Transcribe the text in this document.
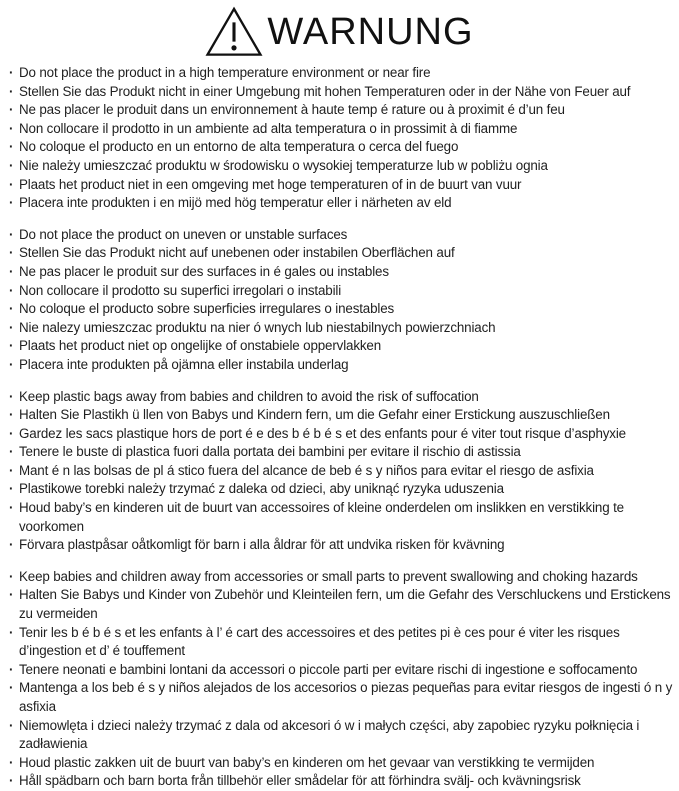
WARNUNG
· Do not place the product in a high temperature environment or near fire
· Stellen Sie das Produkt nicht in einer Umgebung mit hohen Temperaturen oder in der Nähe von Feuer auf
· Ne pas placer le produit dans un environnement à haute temp é rature ou à proximit é d’un feu
· Non collocare il prodotto in un ambiente ad alta temperatura o in prossimit à di fiamme
· No coloque el producto en un entorno de alta temperatura o cerca del fuego
· Nie należy umieszczać produktu w środowisku o wysokiej temperaturze lub w pobliżu ognia
· Plaats het product niet in een omgeving met hoge temperaturen of in de buurt van vuur
· Placera inte produkten i en mijö med hög temperatur eller i närheten av eld
· Do not place the product on uneven or unstable surfaces
· Stellen Sie das Produkt nicht auf unebenen oder instabilen Oberflächen auf
· Ne pas placer le produit sur des surfaces in é gales ou instables
· Non collocare il prodotto su superfici irregolari o instabili
· No coloque el producto sobre superficies irregulares o inestables
· Nie nalezy umieszczac produktu na nier ó wnych lub niestabilnych powierzchniach
· Plaats het product niet op ongelijke of onstabiele oppervlakken
· Placera inte produkten på ojämna eller instabila underlag
· Keep plastic bags away from babies and children to avoid the risk of suffocation
· Halten Sie Plastikh ü llen von Babys und Kindern fern, um die Gefahr einer Erstickung auszuschließen
· Gardez les sacs plastique hors de port é e des b é b é s et des enfants pour é viter tout risque d’asphyxie
· Tenere le buste di plastica fuori dalla portata dei bambini per evitare il rischio di astissia
· Mant é n las bolsas de pl á stico fuera del alcance de beb é s y niños para evitar el riesgo de asfixia
· Plastikowe torebki należy trzymać z daleka od dzieci, aby uniknąć ryzyka uduszenia
· Houd baby’s en kinderen uit de buurt van accessoires of kleine onderdelen om inslikken en verstikking te voorkomen
· Förvara plastpåsar oåtkomligt för barn i alla åldrar för att undvika risken för kvävning
· Keep babies and children away from accessories or small parts to prevent swallowing and choking hazards
· Halten Sie Babys und Kinder von Zubehör und Kleinteilen fern, um die Gefahr des Verschluckens und Erstickens zu vermeiden
· Tenir les b é b é s et les enfants à l’ é cart des accessoires et des petites pi è ces pour é viter les risques d’ingestion et d’ é touffement
· Tenere neonati e bambini lontani da accessori o piccole parti per evitare rischi di ingestione e soffocamento
· Mantenga a los beb é s y niños alejados de los accesorios o piezas pequeñas para evitar riesgos de ingesti ó n y asfixia
· Niemowlęta i dzieci należy trzymać z dala od akcesori ó w i małych części, aby zapobiec ryzyku połknięcia i zadławienia
· Houd plastic zakken uit de buurt van baby’s en kinderen om het gevaar van verstikking te vermijden
· Håll spädbarn och barn borta från tillbehör eller smådelar för att förhindra svälj- och kvävningsrisk
